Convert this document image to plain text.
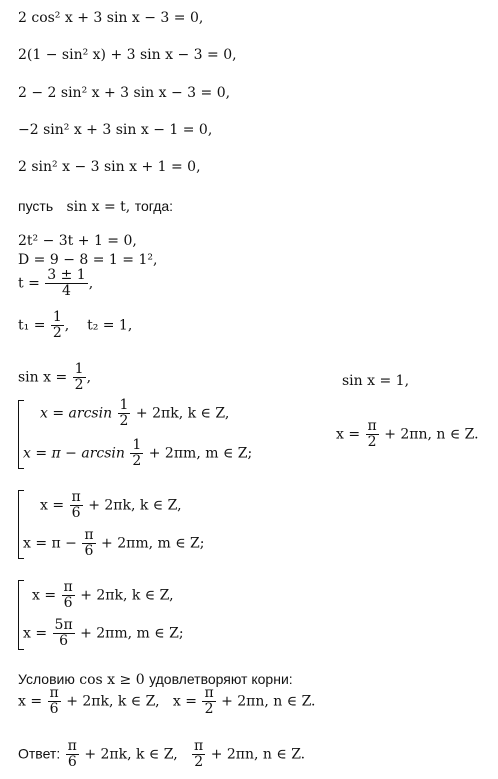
2 cos² x + 3 sin x − 3 = 0,
2(1 − sin² x) + 3 sin x − 3 = 0,
2 − 2 sin² x + 3 sin x − 3 = 0,
−2 sin² x + 3 sin x − 1 = 0,
2 sin² x − 3 sin x + 1 = 0,
пусть sin x = t, тогда:
2t² − 3t + 1 = 0,
D = 9 − 8 = 1 = 1²,
$t = \frac{3 \pm 1}{4}$ ,
$t_1 = \frac{1}{2}$ , t₂ = 1,
$\sin x = \frac{1}{2}$ ,	sin x = 1,
$x = \arcsin \frac{1}{2} + 2\pi k$, k ∈ Z,
$x = \pi - \arcsin \frac{1}{2} + 2\pi m$, m ∈ Z;
$x = \frac{\pi}{2} + 2\pi n$, n ∈ Z.
$x = \frac{\pi}{6} + 2\pi k$, k ∈ Z,
$x = \pi - \frac{\pi}{6} + 2\pi m$, m ∈ Z;
$x = \frac{\pi}{6} + 2\pi k$, k ∈ Z,
$x = \frac{5\pi}{6} + 2\pi m$, m ∈ Z;
Условию cos x ≥ 0 удовлетворяют корни:
$x = \frac{\pi}{6} + 2\pi k$, k ∈ Z, $x = \frac{\pi}{2} + 2\pi n$, n ∈ Z.
Ответ: $\frac{\pi}{6} + 2\pi k$, k ∈ Z, $\frac{\pi}{2} + 2\pi n$, n ∈ Z.
